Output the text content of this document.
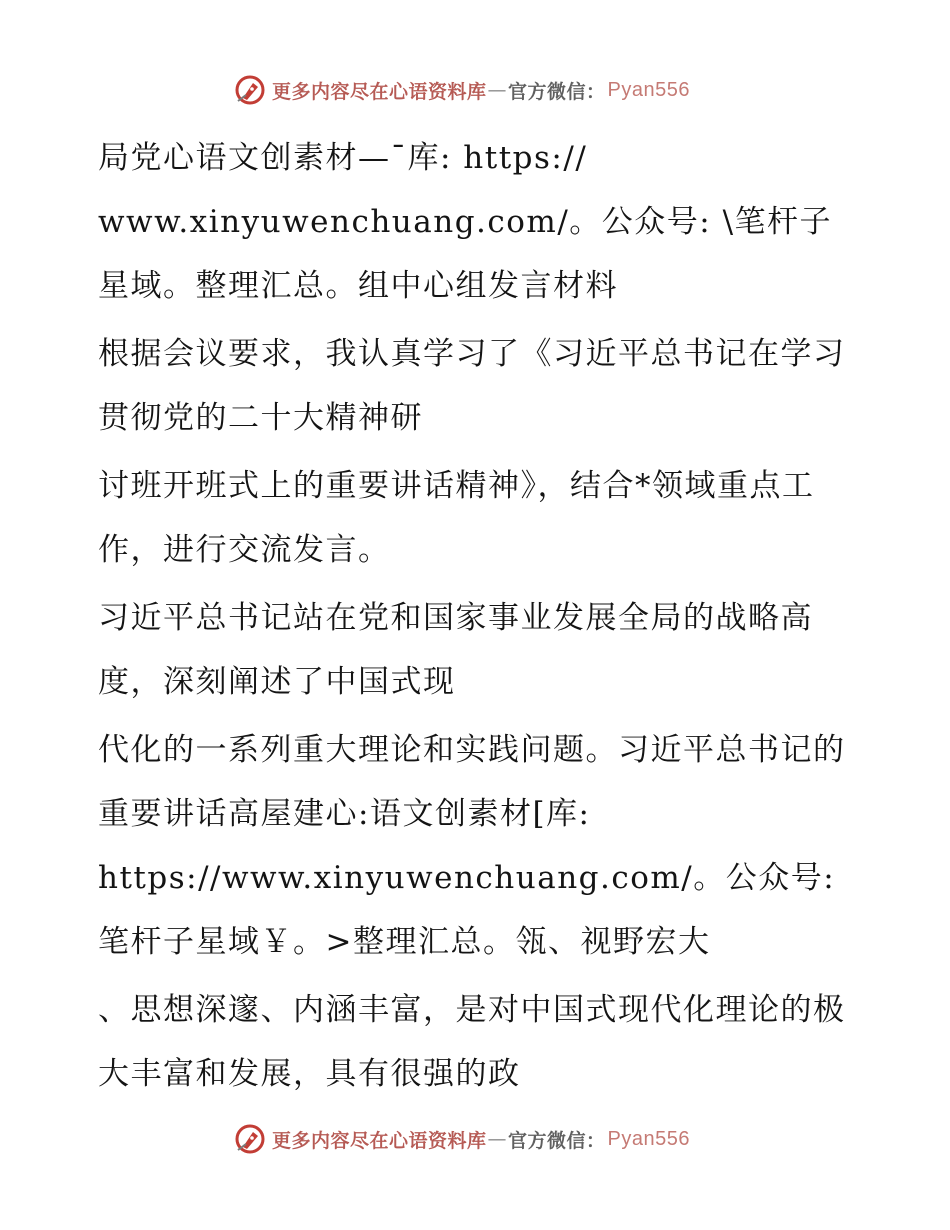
更多内容尽在心语资料库 — 官方微信： Pyan556

局党心语文创素材—¯库: https://
www.xinyuwenchuang.com/。公众号: \笔杆子星域。整理汇总。组中心组发言材料

根据会议要求，我认真学习了《习近平总书记在学习贯彻党的二十大精神研

讨班开班式上的重要讲话精神》，结合*领域重点工作，进行交流发言。

习近平总书记站在党和国家事业发展全局的战略高度，深刻阐述了中国式现

代化的一系列重大理论和实践问题。习近平总书记的重要讲话高屋建心:语文创素材[库:
https://www.xinyuwenchuang.com/。公众号: 笔杆子星域￥。>整理汇总。瓴、视野宏大

、思想深邃、内涵丰富，是对中国式现代化理论的极大丰富和发展，具有很强的政

更多内容尽在心语资料库 — 官方微信： Pyan556
